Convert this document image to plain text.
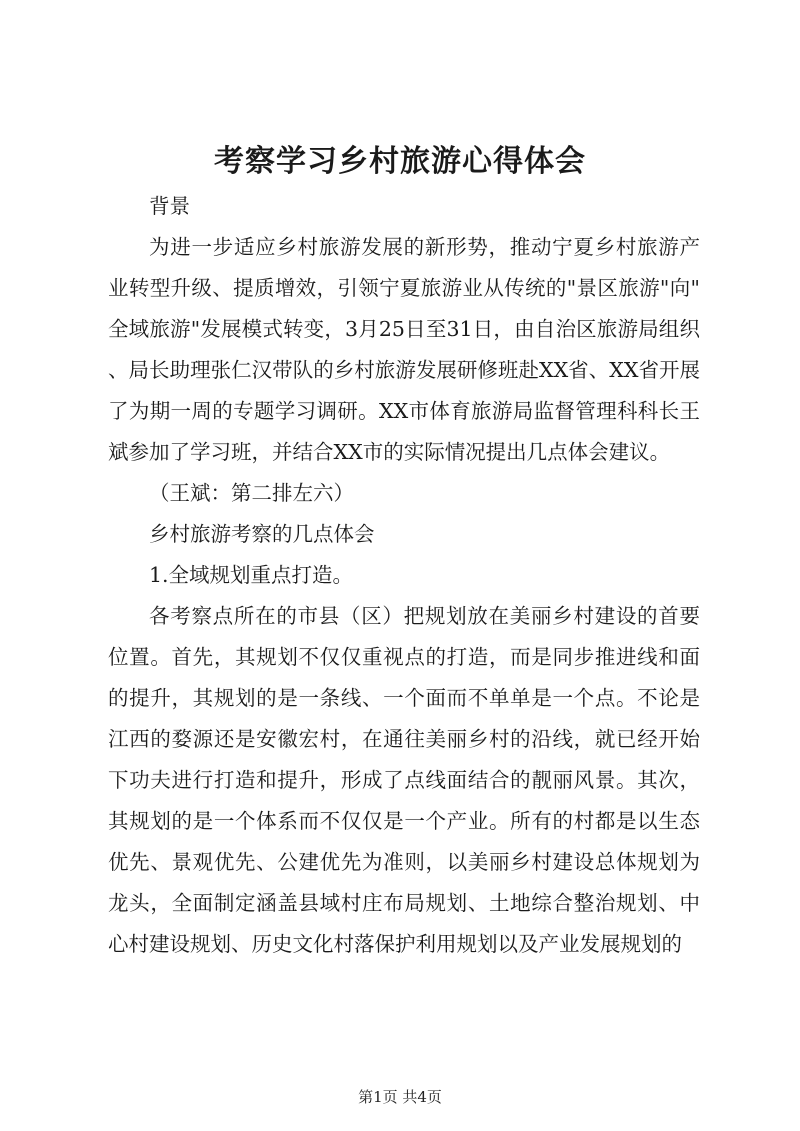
考察学习乡村旅游心得体会

背景

为进一步适应乡村旅游发展的新形势，推动宁夏乡村旅游产业转型升级、提质增效，引领宁夏旅游业从传统的"景区旅游"向"全域旅游"发展模式转变，3月25日至31日，由自治区旅游局组织、局长助理张仁汉带队的乡村旅游发展研修班赴XX省、XX省开展了为期一周的专题学习调研。XX市体育旅游局监督管理科科长王斌参加了学习班，并结合XX市的实际情况提出几点体会建议。

（王斌：第二排左六）

乡村旅游考察的几点体会

1.全域规划重点打造。

各考察点所在的市县（区）把规划放在美丽乡村建设的首要位置。首先，其规划不仅仅重视点的打造，而是同步推进线和面的提升，其规划的是一条线、一个面而不单单是一个点。不论是江西的婺源还是安徽宏村，在通往美丽乡村的沿线，就已经开始下功夫进行打造和提升，形成了点线面结合的靓丽风景。其次，其规划的是一个体系而不仅仅是一个产业。所有的村都是以生态优先、景观优先、公建优先为准则，以美丽乡村建设总体规划为龙头，全面制定涵盖县域村庄布局规划、土地综合整治规划、中心村建设规划、历史文化村落保护利用规划以及产业发展规划的

第1页 共4页
